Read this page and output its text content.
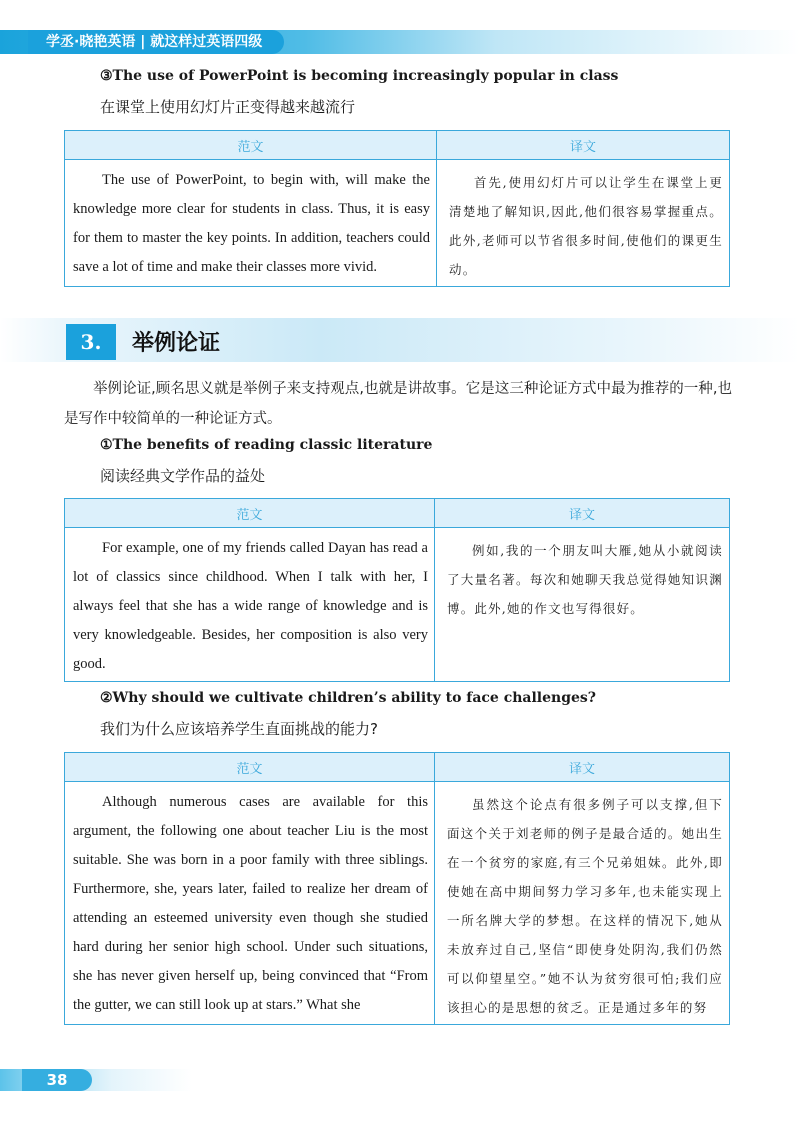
学丞·晓艳英语 | 就这样过英语四级
③The use of PowerPoint is becoming increasingly popular in class
在课堂上使用幻灯片正变得越来越流行
范文	译文
The use of PowerPoint, to begin with, will make the knowledge more clear for students in class. Thus, it is easy for them to master the key points. In addition, teachers could save a lot of time and make their classes more vivid.	首先,使用幻灯片可以让学生在课堂上更清楚地了解知识,因此,他们很容易掌握重点。此外,老师可以节省很多时间,使他们的课更生动。
3.	举例论证
举例论证,顾名思义就是举例子来支持观点,也就是讲故事。它是这三种论证方式中最为推荐的一种,也是写作中较简单的一种论证方式。
①The benefits of reading classic literature
阅读经典文学作品的益处
范文	译文
For example, one of my friends called Dayan has read a lot of classics since childhood. When I talk with her, I always feel that she has a wide range of knowledge and is very knowledgeable. Besides, her composition is also very good.	例如,我的一个朋友叫大雁,她从小就阅读了大量名著。每次和她聊天我总觉得她知识渊博。此外,她的作文也写得很好。
②Why should we cultivate children’s ability to face challenges?
我们为什么应该培养学生直面挑战的能力?
范文	译文
Although numerous cases are available for this argument, the following one about teacher Liu is the most suitable. She was born in a poor family with three siblings. Furthermore, she, years later, failed to realize her dream of attending an esteemed university even though she studied hard during her senior high school. Under such situations, she has never given herself up, being convinced that “From the gutter, we can still look up at stars.” What she	虽然这个论点有很多例子可以支撑,但下面这个关于刘老师的例子是最合适的。她出生在一个贫穷的家庭,有三个兄弟姐妹。此外,即使她在高中期间努力学习多年,也未能实现上一所名牌大学的梦想。在这样的情况下,她从未放弃过自己,坚信“即使身处阴沟,我们仍然可以仰望星空。”她不认为贫穷很可怕;我们应该担心的是思想的贫乏。正是通过多年的努
38
